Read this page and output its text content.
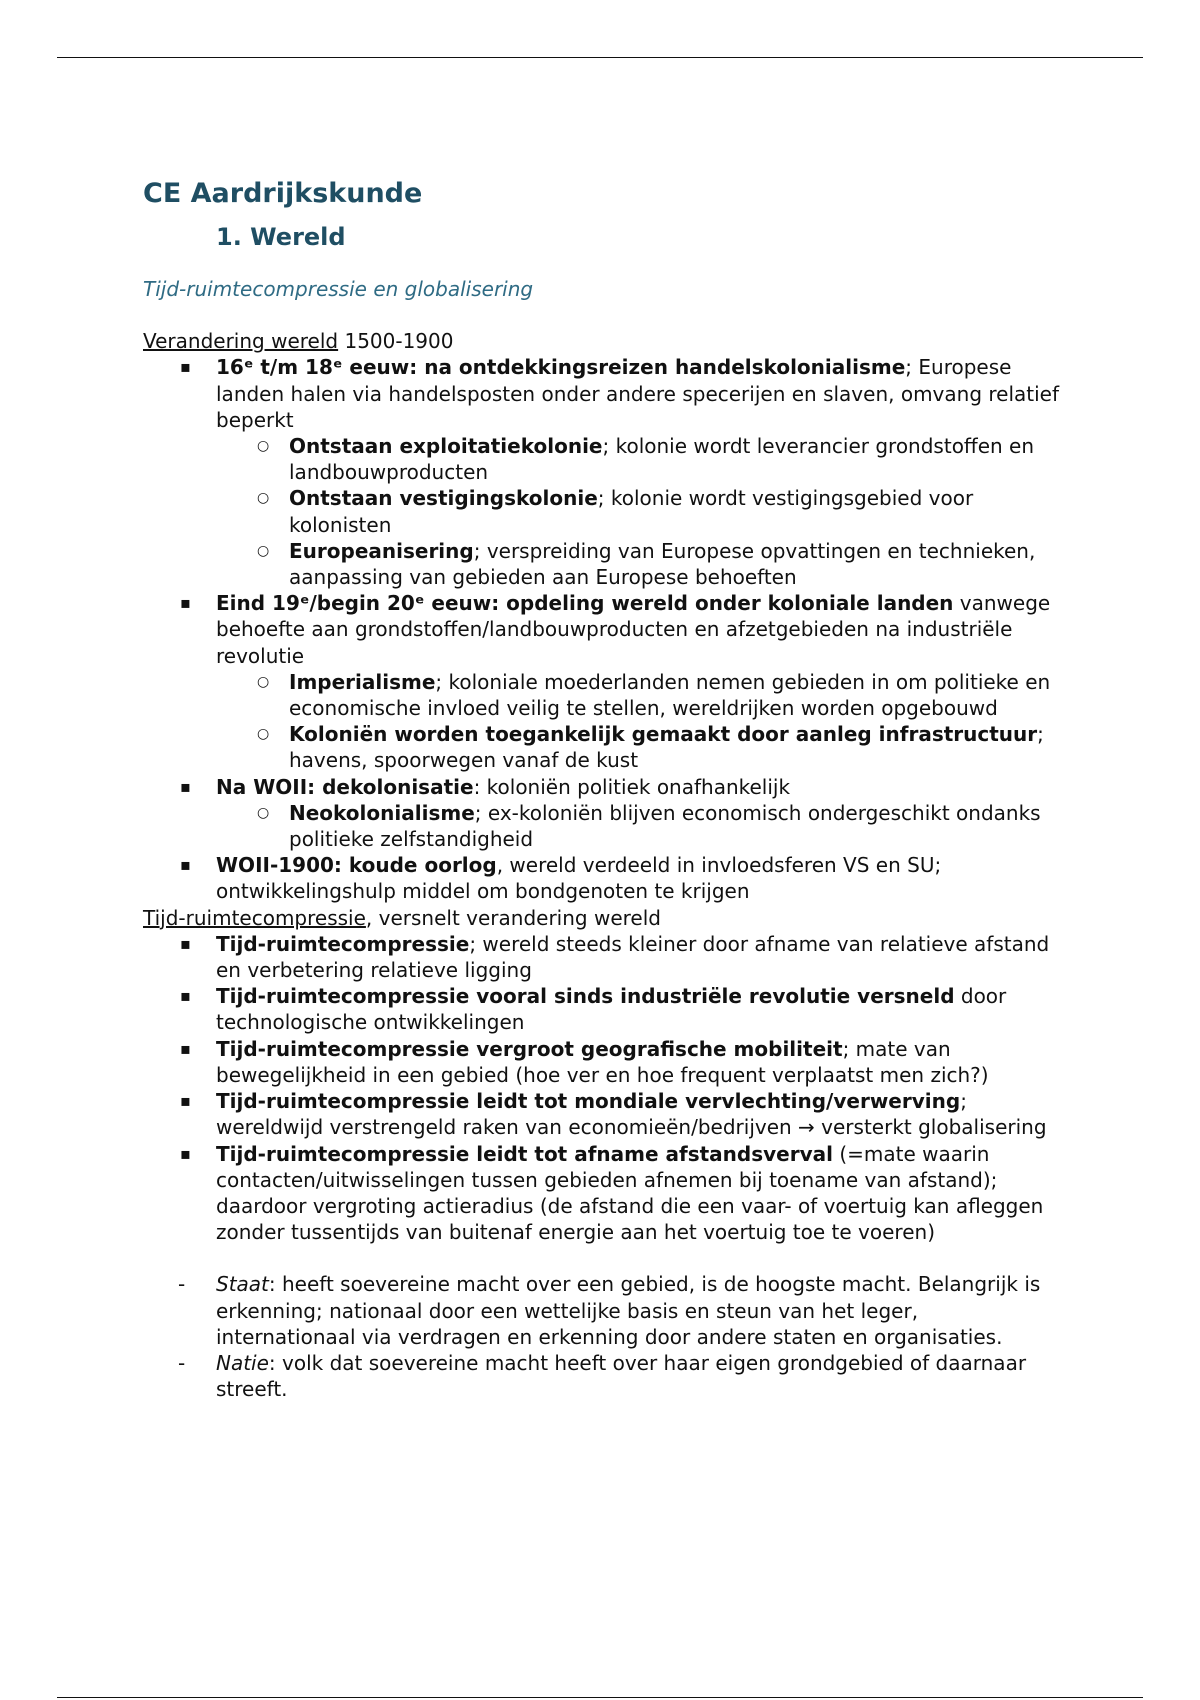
CE Aardrijkskunde
1. Wereld
Tijd-ruimtecompressie en globalisering
Verandering wereld 1500-1900
▪ 16ᵉ t/m 18ᵉ eeuw: na ontdekkingsreizen handelskolonialisme; Europese landen halen via handelsposten onder andere specerijen en slaven, omvang relatief beperkt
○ Ontstaan exploitatiekolonie; kolonie wordt leverancier grondstoffen en landbouwproducten
○ Ontstaan vestigingskolonie; kolonie wordt vestigingsgebied voor kolonisten
○ Europeanisering; verspreiding van Europese opvattingen en technieken, aanpassing van gebieden aan Europese behoeften
▪ Eind 19ᵉ/begin 20ᵉ eeuw: opdeling wereld onder koloniale landen vanwege behoefte aan grondstoffen/landbouwproducten en afzetgebieden na industriële revolutie
○ Imperialisme; koloniale moederlanden nemen gebieden in om politieke en economische invloed veilig te stellen, wereldrijken worden opgebouwd
○ Koloniën worden toegankelijk gemaakt door aanleg infrastructuur; havens, spoorwegen vanaf de kust
▪ Na WOII: dekolonisatie: koloniën politiek onafhankelijk
○ Neokolonialisme; ex-koloniën blijven economisch ondergeschikt ondanks politieke zelfstandigheid
▪ WOII-1900: koude oorlog, wereld verdeeld in invloedsferen VS en SU; ontwikkelingshulp middel om bondgenoten te krijgen
Tijd-ruimtecompressie, versnelt verandering wereld
▪ Tijd-ruimtecompressie; wereld steeds kleiner door afname van relatieve afstand en verbetering relatieve ligging
▪ Tijd-ruimtecompressie vooral sinds industriële revolutie versneld door technologische ontwikkelingen
▪ Tijd-ruimtecompressie vergroot geografische mobiliteit; mate van bewegelijkheid in een gebied (hoe ver en hoe frequent verplaatst men zich?)
▪ Tijd-ruimtecompressie leidt tot mondiale vervlechting/verwerving; wereldwijd verstrengeld raken van economieën/bedrijven → versterkt globalisering
▪ Tijd-ruimtecompressie leidt tot afname afstandsverval (=mate waarin contacten/uitwisselingen tussen gebieden afnemen bij toename van afstand); daardoor vergroting actieradius (de afstand die een vaar- of voertuig kan afleggen zonder tussentijds van buitenaf energie aan het voertuig toe te voeren)
- Staat: heeft soevereine macht over een gebied, is de hoogste macht. Belangrijk is erkenning; nationaal door een wettelijke basis en steun van het leger, internationaal via verdragen en erkenning door andere staten en organisaties.
- Natie: volk dat soevereine macht heeft over haar eigen grondgebied of daarnaar streeft.
